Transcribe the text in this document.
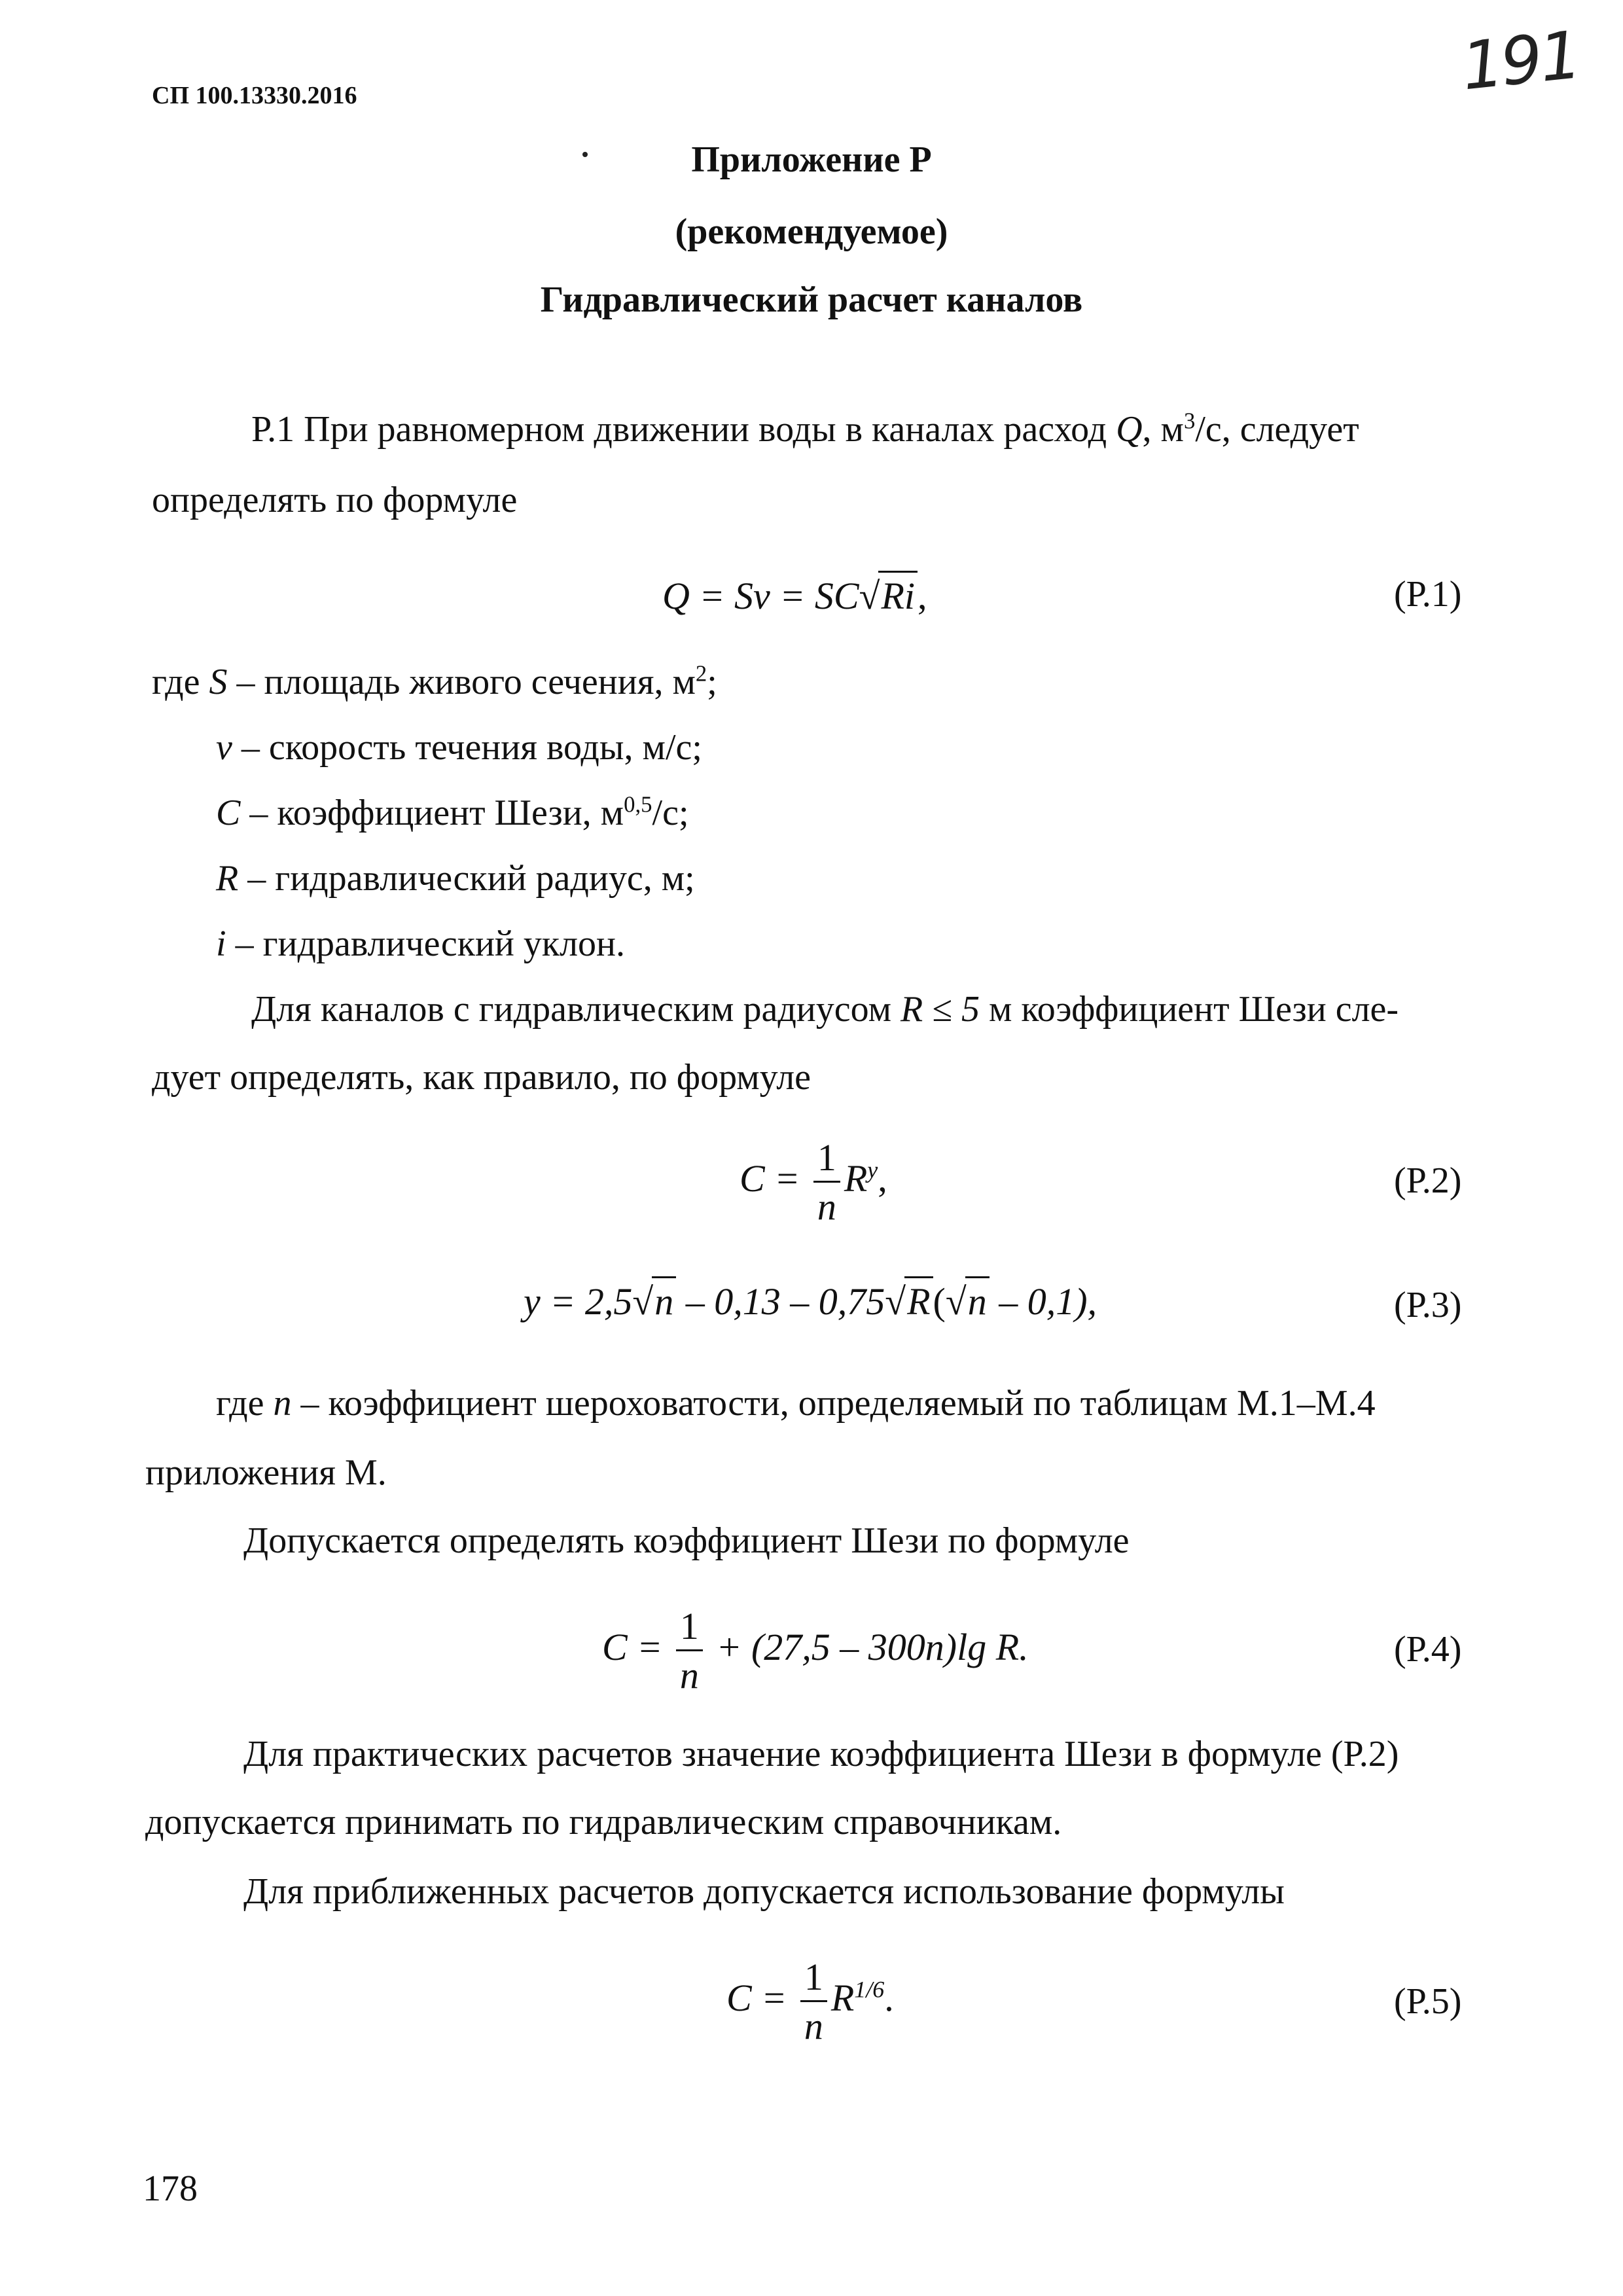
СП 100.13330.2016	191
Приложение Р
(рекомендуемое)
Гидравлический расчет каналов
Р.1 При равномерном движении воды в каналах расход Q, $м^3/с$, следует
определять по формуле
Q = Sv = SC√Ri,	(Р.1)
где S – площадь живого сечения, $м^2$;
v – скорость течения воды, м/с;
C – коэффициент Шези, $м^{0,5}/с$;
R – гидравлический радиус, м;
i – гидравлический уклон.
Для каналов с гидравлическим радиусом R ≤ 5 м коэффициент Шези сле-
дует определять, как правило, по формуле
$C = \frac{1}{n} R^y$,	(Р.2)
y = 2,5√n – 0,13 – 0,75√R(√n – 0,1),	(Р.3)
где n – коэффициент шероховатости, определяемый по таблицам М.1–М.4
приложения М.
Допускается определять коэффициент Шези по формуле
$C = \frac{1}{n} + (27,5 - 300n)\lg$ R.	(Р.4)
Для практических расчетов значение коэффициента Шези в формуле (Р.2)
допускается принимать по гидравлическим справочникам.
Для приближенных расчетов допускается использование формулы
$C = \frac{1}{n} R^{1/6}$.	(Р.5)
178
